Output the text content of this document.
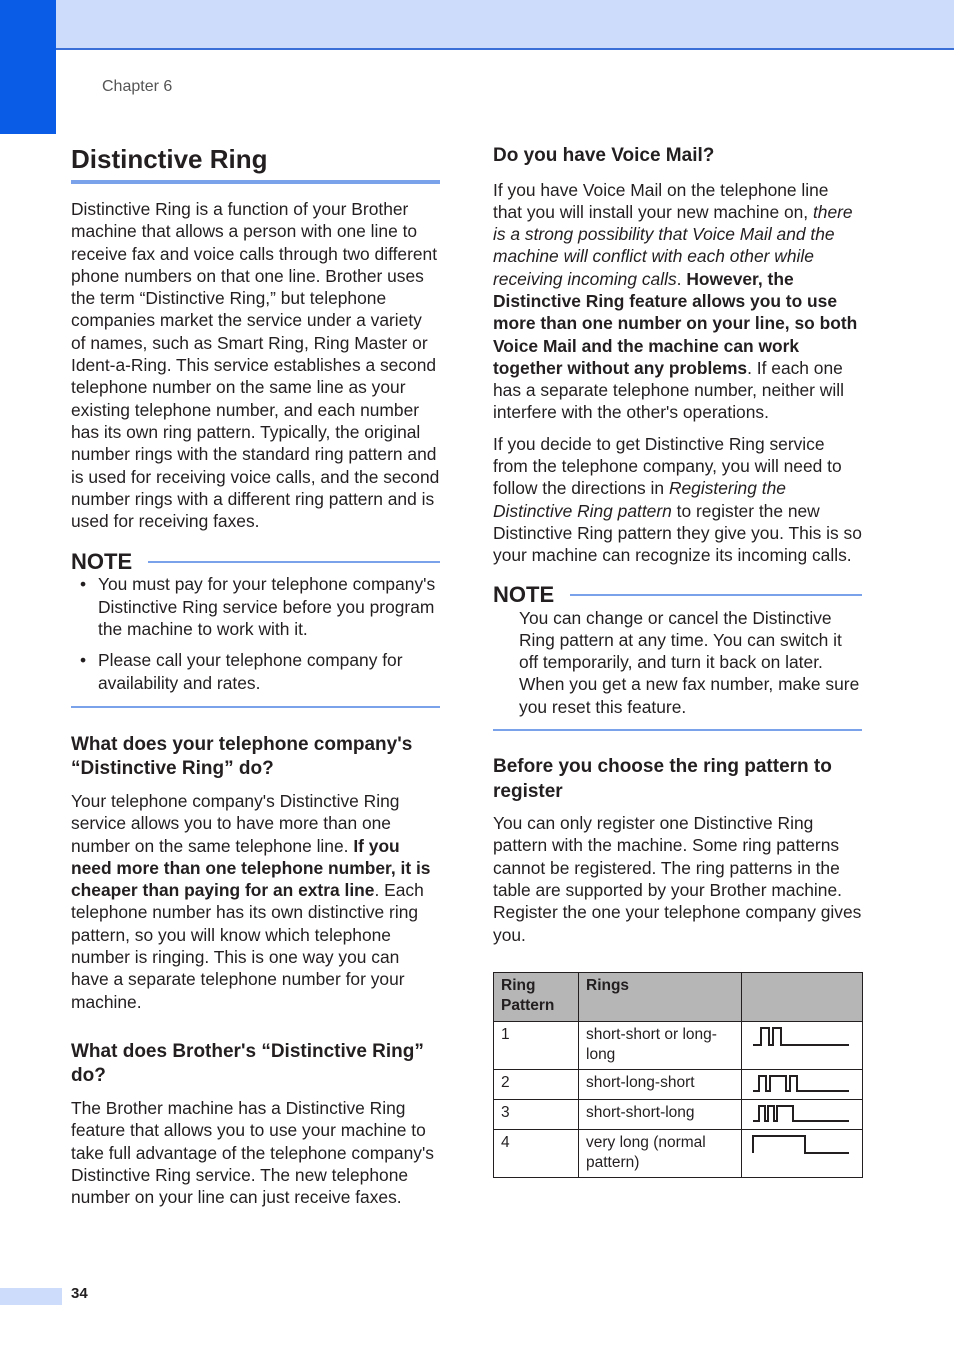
Chapter 6
Distinctive Ring

Distinctive Ring is a function of your Brother machine that allows a person with one line to receive fax and voice calls through two different phone numbers on that one line. Brother uses the term “Distinctive Ring,” but telephone companies market the service under a variety of names, such as Smart Ring, Ring Master or Ident-a-Ring. This service establishes a second telephone number on the same line as your existing telephone number, and each number has its own ring pattern. Typically, the original number rings with the standard ring pattern and is used for receiving voice calls, and the second number rings with a different ring pattern and is used for receiving faxes.

NOTE
• You must pay for your telephone company's Distinctive Ring service before you program the machine to work with it.
• Please call your telephone company for availability and rates.
What does your telephone company's “Distinctive Ring” do?

Your telephone company's Distinctive Ring service allows you to have more than one number on the same telephone line. If you need more than one telephone number, it is cheaper than paying for an extra line. Each telephone number has its own distinctive ring pattern, so you will know which telephone number is ringing. This is one way you can have a separate telephone number for your machine.

What does Brother's “Distinctive Ring” do?

The Brother machine has a Distinctive Ring feature that allows you to use your machine to take full advantage of the telephone company's Distinctive Ring service. The new telephone number on your line can just receive faxes.

Do you have Voice Mail?

If you have Voice Mail on the telephone line that you will install your new machine on, there is a strong possibility that Voice Mail and the machine will conflict with each other while receiving incoming calls. However, the Distinctive Ring feature allows you to use more than one number on your line, so both Voice Mail and the machine can work together without any problems. If each one has a separate telephone number, neither will interfere with the other's operations.

If you decide to get Distinctive Ring service from the telephone company, you will need to follow the directions in Registering the Distinctive Ring pattern to register the new Distinctive Ring pattern they give you. This is so your machine can recognize its incoming calls.

NOTE

You can change or cancel the Distinctive Ring pattern at any time. You can switch it off temporarily, and turn it back on later. When you get a new fax number, make sure you reset this feature.

Before you choose the ring pattern to register

You can only register one Distinctive Ring pattern with the machine. Some ring patterns cannot be registered. The ring patterns in the table are supported by your Brother machine. Register the one your telephone company gives you.

Ring Pattern	Rings	
1	short-short or long-long	

2	short-long-short	

3	short-short-long	

4	very long (normal pattern)	
34
